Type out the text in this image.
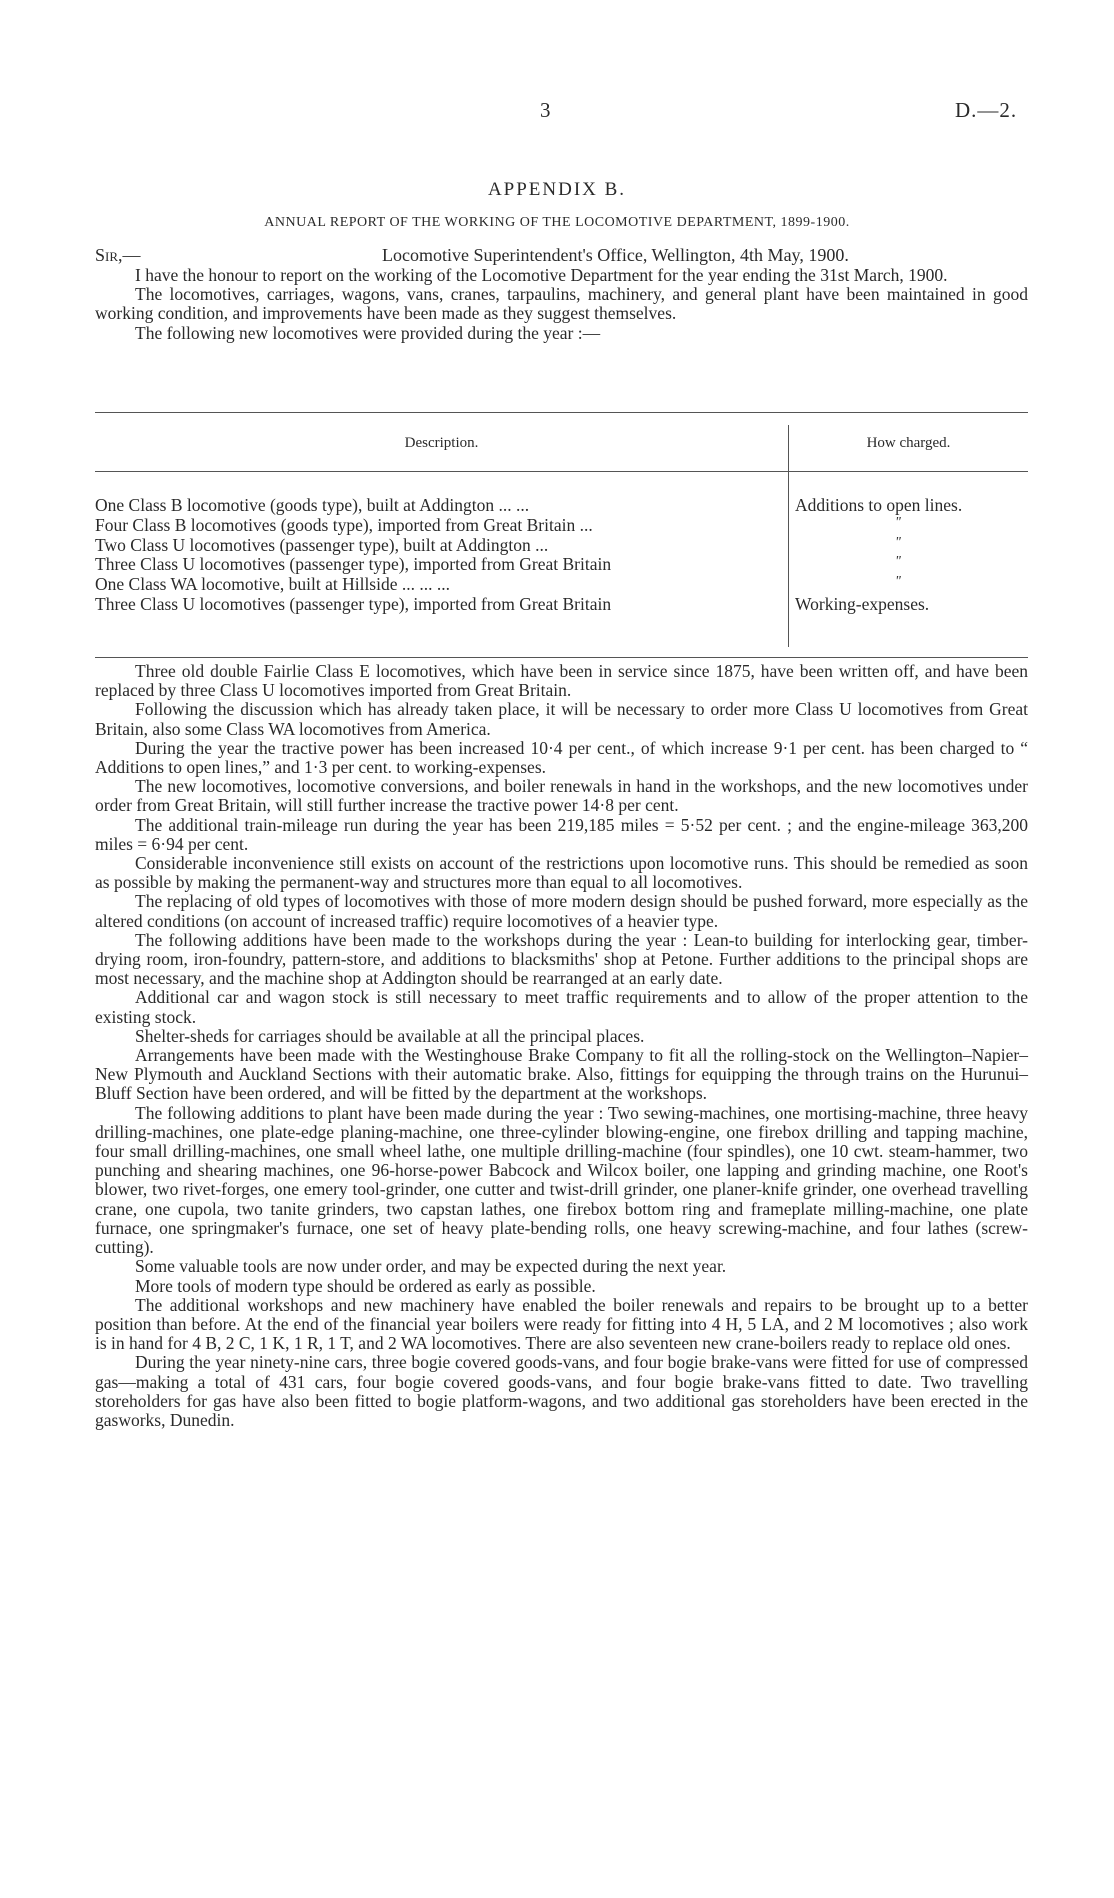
3	D.—2.
APPENDIX B.
ANNUAL REPORT OF THE WORKING OF THE LOCOMOTIVE DEPARTMENT, 1899-1900.
Sir,—	Locomotive Superintendent's Office, Wellington, 4th May, 1900.

I have the honour to report on the working of the Locomotive Department for the year ending the 31st March, 1900.

The locomotives, carriages, wagons, vans, cranes, tarpaulins, machinery, and general plant have been maintained in good working condition, and improvements have been made as they suggest themselves.

The following new locomotives were provided during the year :—

Description.	How charged.
One Class B locomotive (goods type), built at Addington ... ...	Additions to open lines.
Four Class B locomotives (goods type), imported from Great Britain ...	"
Two Class U locomotives (passenger type), built at Addington ...	"
Three Class U locomotives (passenger type), imported from Great Britain	"
One Class WA locomotive, built at Hillside ... ... ...	"
Three Class U locomotives (passenger type), imported from Great Britain	Working-expenses.

Three old double Fairlie Class E locomotives, which have been in service since 1875, have been written off, and have been replaced by three Class U locomotives imported from Great Britain.

Following the discussion which has already taken place, it will be necessary to order more Class U locomotives from Great Britain, also some Class WA locomotives from America.

During the year the tractive power has been increased 10·4 per cent., of which increase 9·1 per cent. has been charged to “ Additions to open lines,” and 1·3 per cent. to working-expenses.

The new locomotives, locomotive conversions, and boiler renewals in hand in the workshops, and the new locomotives under order from Great Britain, will still further increase the tractive power 14·8 per cent.

The additional train-mileage run during the year has been 219,185 miles = 5·52 per cent. ; and the engine-mileage 363,200 miles = 6·94 per cent.

Considerable inconvenience still exists on account of the restrictions upon locomotive runs. This should be remedied as soon as possible by making the permanent-way and structures more than equal to all locomotives.

The replacing of old types of locomotives with those of more modern design should be pushed forward, more especially as the altered conditions (on account of increased traffic) require locomotives of a heavier type.

The following additions have been made to the workshops during the year : Lean-to building for interlocking gear, timber-drying room, iron-foundry, pattern-store, and additions to blacksmiths' shop at Petone. Further additions to the principal shops are most necessary, and the machine shop at Addington should be rearranged at an early date.

Additional car and wagon stock is still necessary to meet traffic requirements and to allow of the proper attention to the existing stock.

Shelter-sheds for carriages should be available at all the principal places.

Arrangements have been made with the Westinghouse Brake Company to fit all the rolling-stock on the Wellington–Napier–New Plymouth and Auckland Sections with their automatic brake. Also, fittings for equipping the through trains on the Hurunui–Bluff Section have been ordered, and will be fitted by the department at the workshops.

The following additions to plant have been made during the year : Two sewing-machines, one mortising-machine, three heavy drilling-machines, one plate-edge planing-machine, one three-cylinder blowing-engine, one firebox drilling and tapping machine, four small drilling-machines, one small wheel lathe, one multiple drilling-machine (four spindles), one 10 cwt. steam-hammer, two punching and shearing machines, one 96-horse-power Babcock and Wilcox boiler, one lapping and grinding machine, one Root's blower, two rivet-forges, one emery tool-grinder, one cutter and twist-drill grinder, one planer-knife grinder, one overhead travelling crane, one cupola, two tanite grinders, two capstan lathes, one firebox bottom ring and frameplate milling-machine, one plate furnace, one springmaker's furnace, one set of heavy plate-bending rolls, one heavy screwing-machine, and four lathes (screw-cutting).

Some valuable tools are now under order, and may be expected during the next year.

More tools of modern type should be ordered as early as possible.

The additional workshops and new machinery have enabled the boiler renewals and repairs to be brought up to a better position than before. At the end of the financial year boilers were ready for fitting into 4 H, 5 LA, and 2 M locomotives ; also work is in hand for 4 B, 2 C, 1 K, 1 R, 1 T, and 2 WA locomotives. There are also seventeen new crane-boilers ready to replace old ones.

During the year ninety-nine cars, three bogie covered goods-vans, and four bogie brake-vans were fitted for use of compressed gas—making a total of 431 cars, four bogie covered goods-vans, and four bogie brake-vans fitted to date. Two travelling storeholders for gas have also been fitted to bogie platform-wagons, and two additional gas storeholders have been erected in the gasworks, Dunedin.
